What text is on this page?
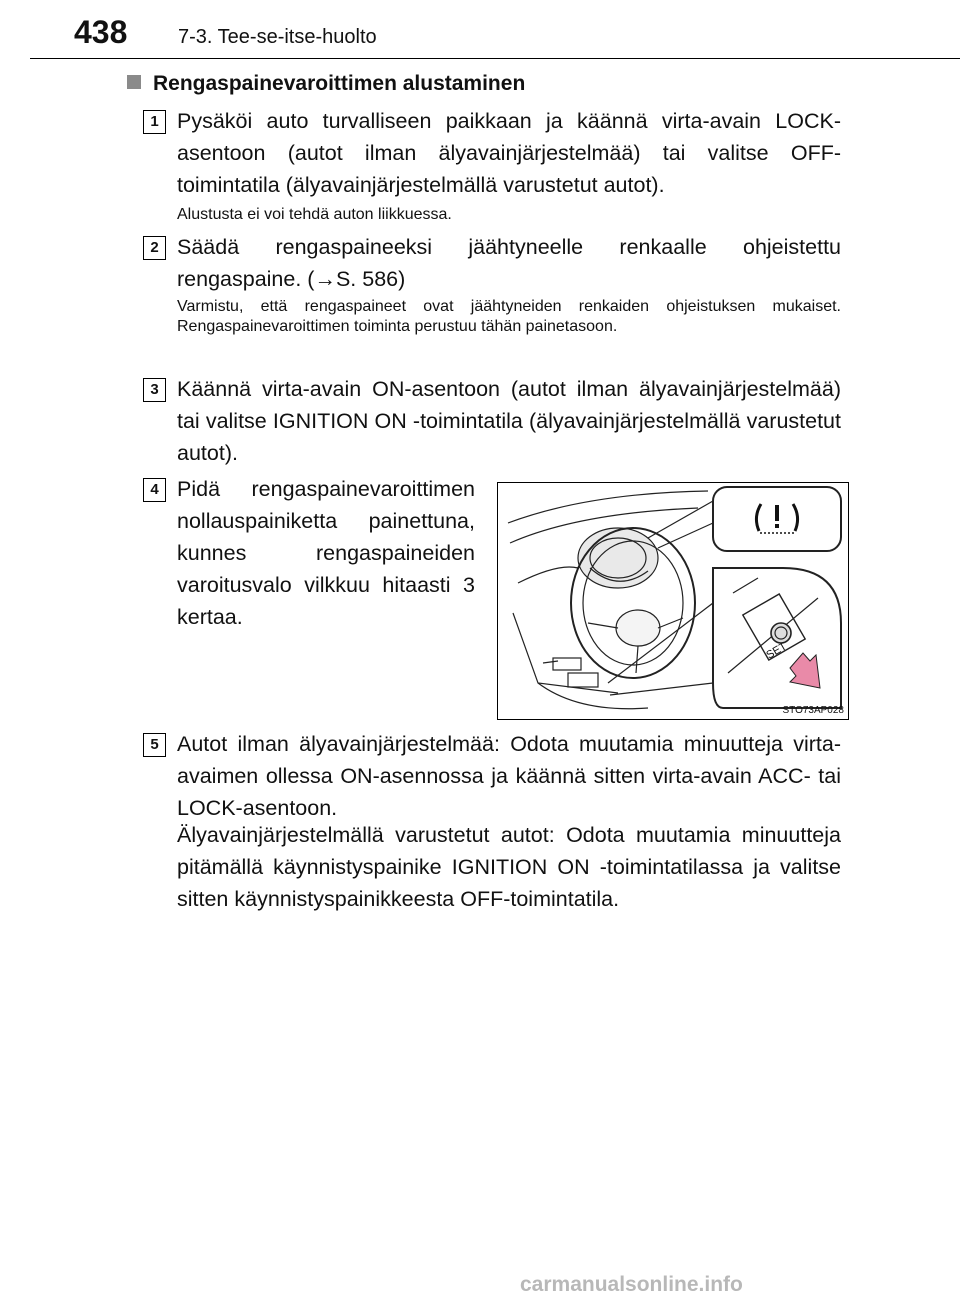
438	7-3. Tee-se-itse-huolto
Rengaspainevaroittimen alustaminen
1 Pysäköi auto turvalliseen paikkaan ja käännä virta-avain LOCK-asentoon (autot ilman älyavainjärjestelmää) tai valitse OFF-toimintatila (älyavainjärjestelmällä varustetut autot).

Alustusta ei voi tehdä auton liikkuessa.

2

Varmistu, että rengaspaineet ovat jäähtyneiden renkaiden ohjeistuksen mukaiset. Rengaspainevaroittimen toiminta perustuu tähän painetasoon.

Säädä rengaspaineeksi jäähtyneelle renkaalle ohjeistettu rengaspaine. (→S. 586)

3 Käännä virta-avain ON-asentoon (autot ilman älyavainjärjestelmää) tai valitse IGNITION ON -toimintatila (älyavainjärjestelmällä varustetut autot).

4 Pidä rengaspainevaroittimen nollauspainiketta painettuna, kunnes rengaspaineiden varoitusvalo vilkkuu hitaasti 3 kertaa.

SET
STO73AP028
5 Autot ilman älyavainjärjestelmää: Odota muutamia minuutteja virta-avaimen ollessa ON-asennossa ja käännä sitten virta-avain ACC- tai LOCK-asentoon.

Älyavainjärjestelmällä varustetut autot: Odota muutamia minuutteja pitämällä käynnistyspainike IGNITION ON -toimintatilassa ja valitse sitten käynnistyspainikkeesta OFF-toimintatila.

carmanualsonline.info
